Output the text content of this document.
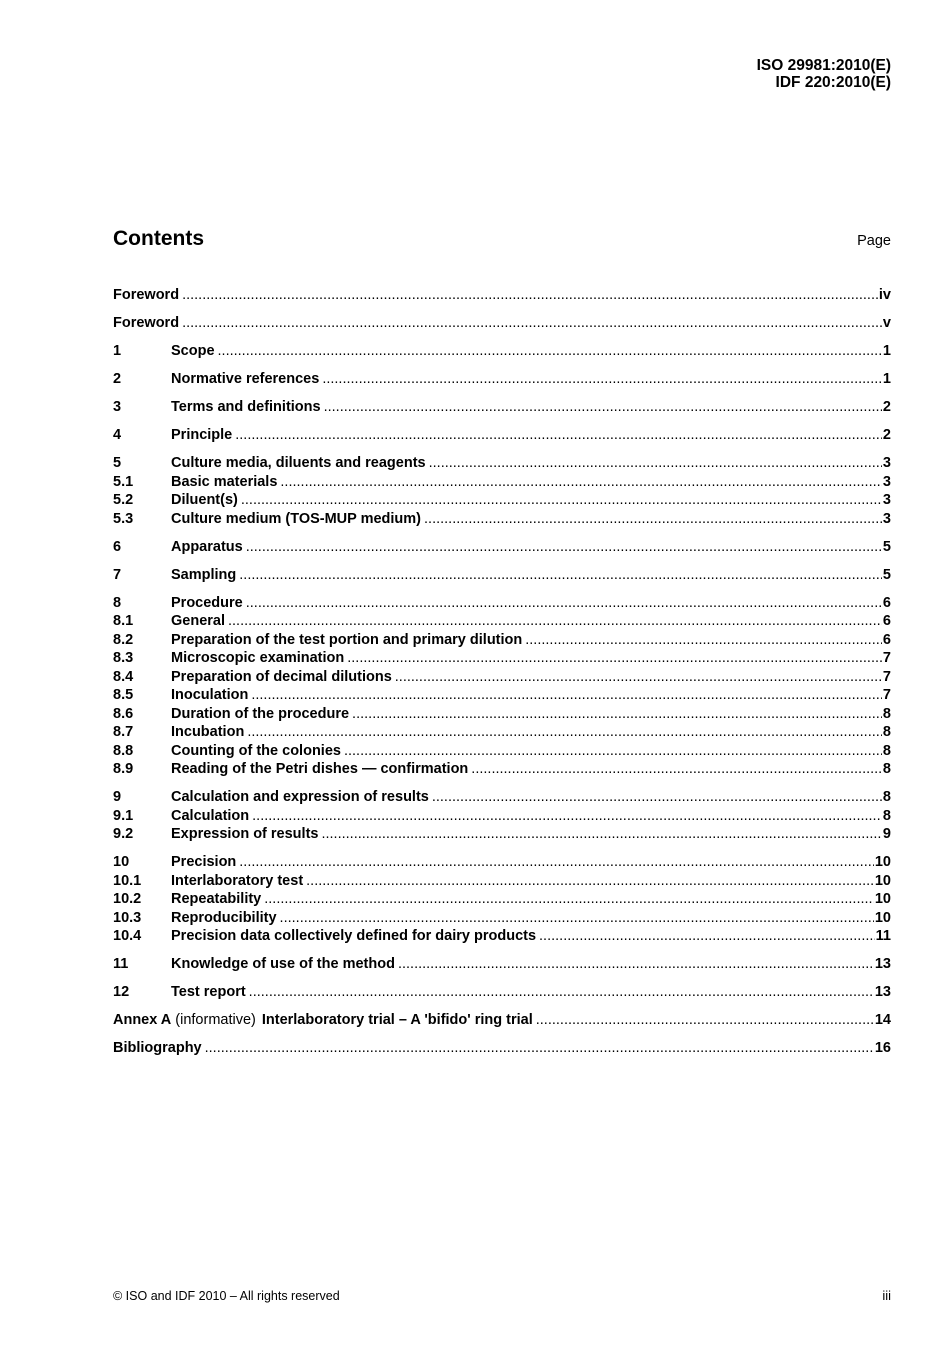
ISO 29981:2010(E)
IDF 220:2010(E)
Contents	Page
Foreword .....	iv
Foreword .....	v
1	Scope .....	1
2	Normative references .....	1
3	Terms and definitions .....	2
4	Principle .....	2
5	Culture media, diluents and reagents .....	3
5.1	Basic materials .....	3
5.2	Diluent(s) .....	3
5.3	Culture medium (TOS-MUP medium) .....	3
6	Apparatus .....	5
7	Sampling .....	5
8	Procedure .....	6
8.1	General .....	6
8.2	Preparation of the test portion and primary dilution .....	6
8.3	Microscopic examination .....	7
8.4	Preparation of decimal dilutions .....	7
8.5	Inoculation .....	7
8.6	Duration of the procedure .....	8
8.7	Incubation .....	8
8.8	Counting of the colonies .....	8
8.9	Reading of the Petri dishes — confirmation .....	8
9	Calculation and expression of results .....	8
9.1	Calculation .....	8
9.2	Expression of results .....	9
10	Precision .....	10
10.1	Interlaboratory test .....	10
10.2	Repeatability .....	10
10.3	Reproducibility .....	10
10.4	Precision data collectively defined for dairy products .....	11
11	Knowledge of use of the method .....	13
12	Test report .....	13
Annex A (informative) Interlaboratory trial – A 'bifido' ring trial .....	14
Bibliography .....	16
© ISO and IDF 2010 – All rights reserved	iii
